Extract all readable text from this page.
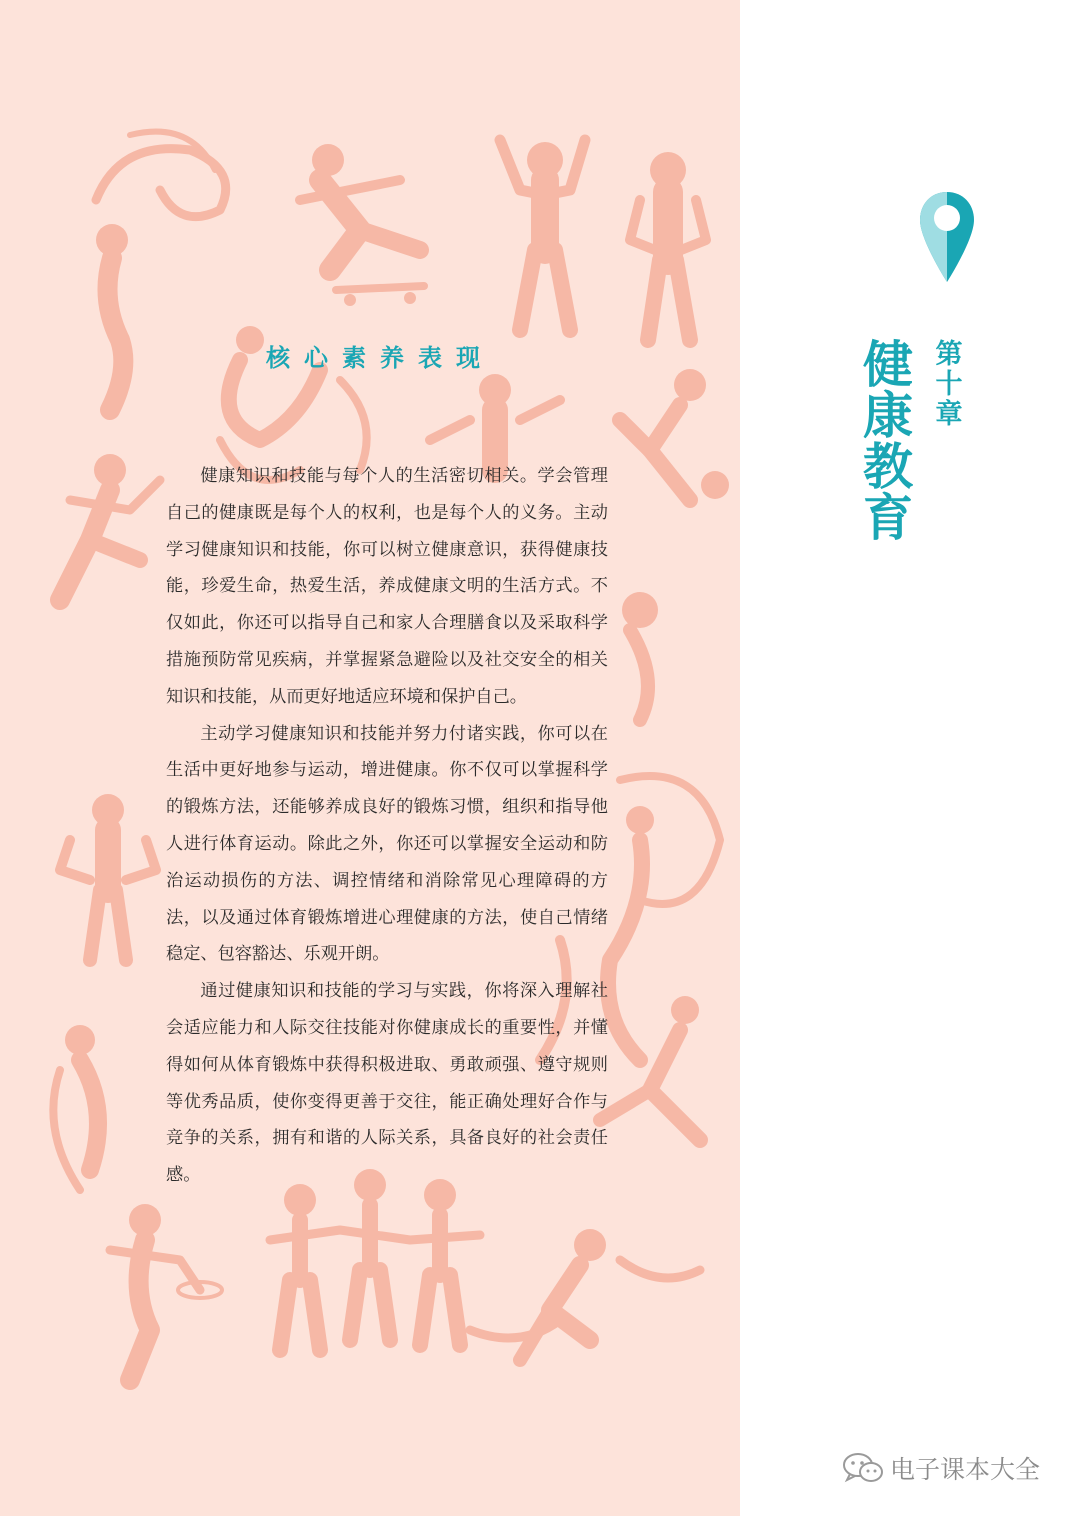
核心素养表现

健康知识和技能与每个人的生活密切相关。学会管理自己的健康既是每个人的权利，也是每个人的义务。主动学习健康知识和技能，你可以树立健康意识，获得健康技能，珍爱生命，热爱生活，养成健康文明的生活方式。不仅如此，你还可以指导自己和家人合理膳食以及采取科学措施预防常见疾病，并掌握紧急避险以及社交安全的相关知识和技能，从而更好地适应环境和保护自己。

主动学习健康知识和技能并努力付诸实践，你可以在生活中更好地参与运动，增进健康。你不仅可以掌握科学的锻炼方法，还能够养成良好的锻炼习惯，组织和指导他人进行体育运动。除此之外，你还可以掌握安全运动和防治运动损伤的方法、调控情绪和消除常见心理障碍的方法，以及通过体育锻炼增进心理健康的方法，使自己情绪稳定、包容豁达、乐观开朗。

通过健康知识和技能的学习与实践，你将深入理解社会适应能力和人际交往技能对你健康成长的重要性，并懂得如何从体育锻炼中获得积极进取、勇敢顽强、遵守规则等优秀品质，使你变得更善于交往，能正确处理好合作与竞争的关系，拥有和谐的人际关系，具备良好的社会责任感。

第十章
健康教育
电子课本大全
